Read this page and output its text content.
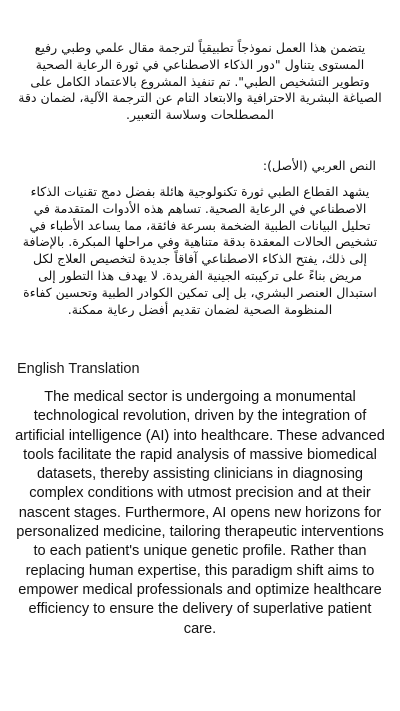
يتضمن هذا العمل نموذجاً تطبيقياً لترجمة مقال علمي وطبي رفيع المستوى يتناول "دور الذكاء الاصطناعي في ثورة الرعاية الصحية وتطوير التشخيص الطبي". تم تنفيذ المشروع بالاعتماد الكامل على الصياغة البشرية الاحترافية والابتعاد التام عن الترجمة الآلية، لضمان دقة المصطلحات وسلاسة التعبير.

النص العربي (الأصل):

يشهد القطاع الطبي ثورة تكنولوجية هائلة بفضل دمج تقنيات الذكاء الاصطناعي في الرعاية الصحية. تساهم هذه الأدوات المتقدمة في تحليل البيانات الطبية الضخمة بسرعة فائقة، مما يساعد الأطباء في تشخيص الحالات المعقدة بدقة متناهية وفي مراحلها المبكرة. بالإضافة إلى ذلك، يفتح الذكاء الاصطناعي آفاقاً جديدة لتخصيص العلاج لكل مريض بناءً على تركيبته الجينية الفريدة. لا يهدف هذا التطور إلى استبدال العنصر البشري، بل إلى تمكين الكوادر الطبية وتحسين كفاءة المنظومة الصحية لضمان تقديم أفضل رعاية ممكنة.

English Translation

The medical sector is undergoing a monumental technological revolution, driven by the integration of artificial intelligence (AI) into healthcare. These advanced tools facilitate the rapid analysis of massive biomedical datasets, thereby assisting clinicians in diagnosing complex conditions with utmost precision and at their nascent stages. Furthermore, AI opens new horizons for personalized medicine, tailoring therapeutic interventions to each patient's unique genetic profile. Rather than replacing human expertise, this paradigm shift aims to empower medical professionals and optimize healthcare efficiency to ensure the delivery of superlative patient care.
